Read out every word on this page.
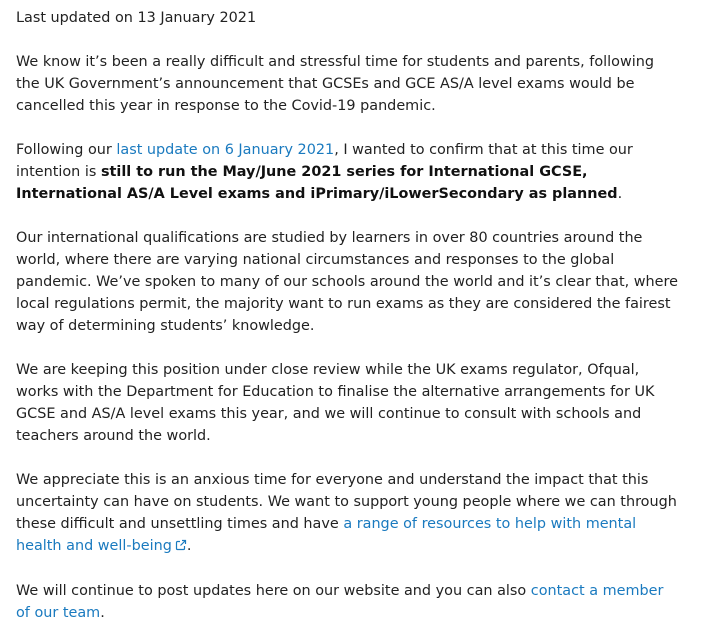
Last updated on 13 January 2021

We know it’s been a really difficult and stressful time for students and parents, following the UK Government’s announcement that GCSEs and GCE AS/A level exams would be cancelled this year in response to the Covid-19 pandemic.

Following our last update on 6 January 2021, I wanted to confirm that at this time our intention is still to run the May/June 2021 series for International GCSE, International AS/A Level exams and iPrimary/iLowerSecondary as planned.

Our international qualifications are studied by learners in over 80 countries around the world, where there are varying national circumstances and responses to the global pandemic. We’ve spoken to many of our schools around the world and it’s clear that, where local regulations permit, the majority want to run exams as they are considered the fairest way of determining students’ knowledge.

We are keeping this position under close review while the UK exams regulator, Ofqual, works with the Department for Education to finalise the alternative arrangements for UK GCSE and AS/A level exams this year, and we will continue to consult with schools and teachers around the world.

We appreciate this is an anxious time for everyone and understand the impact that this uncertainty can have on students. We want to support young people where we can through these difficult and unsettling times and have a range of resources to help with mental health and well-being .

We will continue to post updates here on our website and you can also contact a member of our team.
